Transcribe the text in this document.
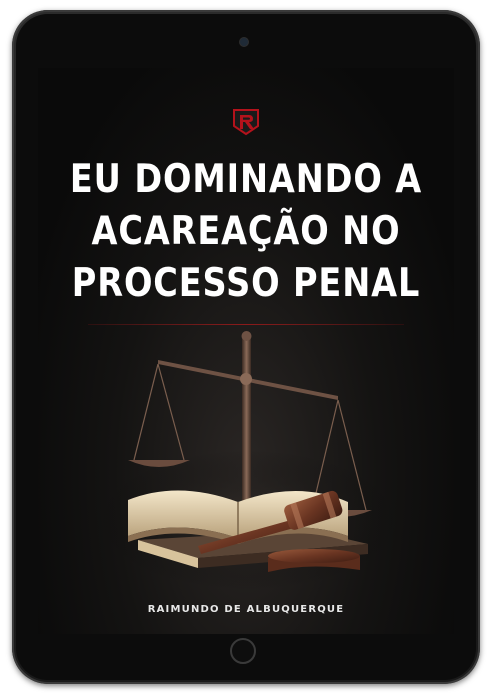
EU DOMINANDO A
ACAREAÇÃO NO
PROCESSO PENAL
RAIMUNDO DE ALBUQUERQUE
